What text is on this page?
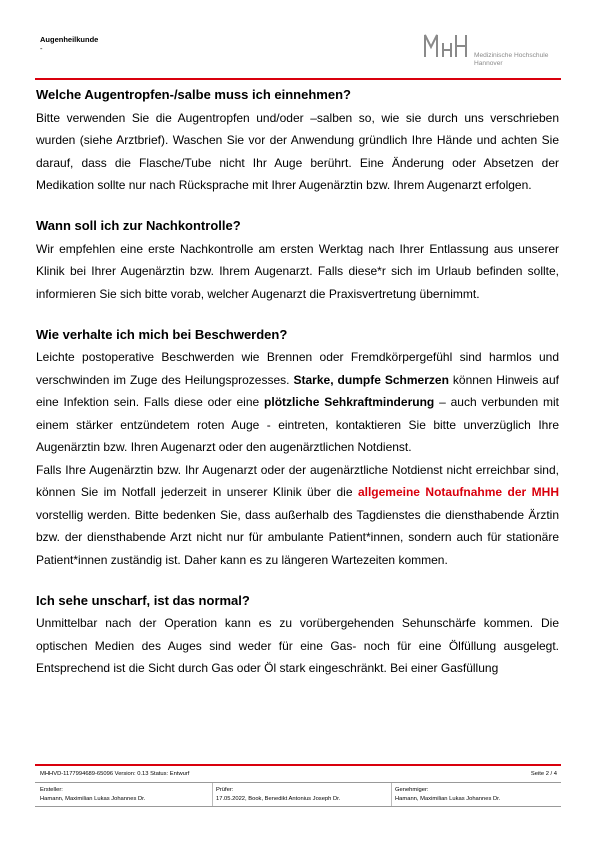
Augenheilkunde
-
Medizinische Hochschule
Hannover
Welche Augentropfen-/salbe muss ich einnehmen?

Bitte verwenden Sie die Augentropfen und/oder –salben so, wie sie durch uns verschrieben wurden (siehe Arztbrief). Waschen Sie vor der Anwendung gründlich Ihre Hände und achten Sie darauf, dass die Flasche/Tube nicht Ihr Auge berührt. Eine Änderung oder Absetzen der Medikation sollte nur nach Rücksprache mit Ihrer Augenärztin bzw. Ihrem Augenarzt erfolgen.

Wann soll ich zur Nachkontrolle?

Wir empfehlen eine erste Nachkontrolle am ersten Werktag nach Ihrer Entlassung aus unserer Klinik bei Ihrer Augenärztin bzw. Ihrem Augenarzt. Falls diese*r sich im Urlaub befinden sollte, informieren Sie sich bitte vorab, welcher Augenarzt die Praxisvertretung übernimmt.

Wie verhalte ich mich bei Beschwerden?

Leichte postoperative Beschwerden wie Brennen oder Fremdkörpergefühl sind harmlos und verschwinden im Zuge des Heilungsprozesses. Starke, dumpfe Schmerzen können Hinweis auf eine Infektion sein. Falls diese oder eine plötzliche Sehkraftminderung – auch verbunden mit einem stärker entzündetem roten Auge - eintreten, kontaktieren Sie bitte unverzüglich Ihre Augenärztin bzw. Ihren Augenarzt oder den augenärztlichen Notdienst.

Falls Ihre Augenärztin bzw. Ihr Augenarzt oder der augenärztliche Notdienst nicht erreichbar sind, können Sie im Notfall jederzeit in unserer Klinik über die allgemeine Notaufnahme der MHH vorstellig werden. Bitte bedenken Sie, dass außerhalb des Tagdienstes die diensthabende Ärztin bzw. der diensthabende Arzt nicht nur für ambulante Patient*innen, sondern auch für stationäre Patient*innen zuständig ist. Daher kann es zu längeren Wartezeiten kommen.

Ich sehe unscharf, ist das normal?

Unmittelbar nach der Operation kann es zu vorübergehenden Sehunschärfe kommen. Die optischen Medien des Auges sind weder für eine Gas- noch für eine Ölfüllung ausgelegt. Entsprechend ist die Sicht durch Gas oder Öl stark eingeschränkt. Bei einer Gasfüllung

MHHVD-1177994689-65096 Version: 0.13 Status: Entwurf	Seite 2 / 4
Ersteller:
Hamann, Maximilian Lukas Johannes Dr.
Prüfer:
17.05.2022, Book, Benedikt Antonius Joseph Dr.
Genehmiger:
Hamann, Maximilian Lukas Johannes Dr.
